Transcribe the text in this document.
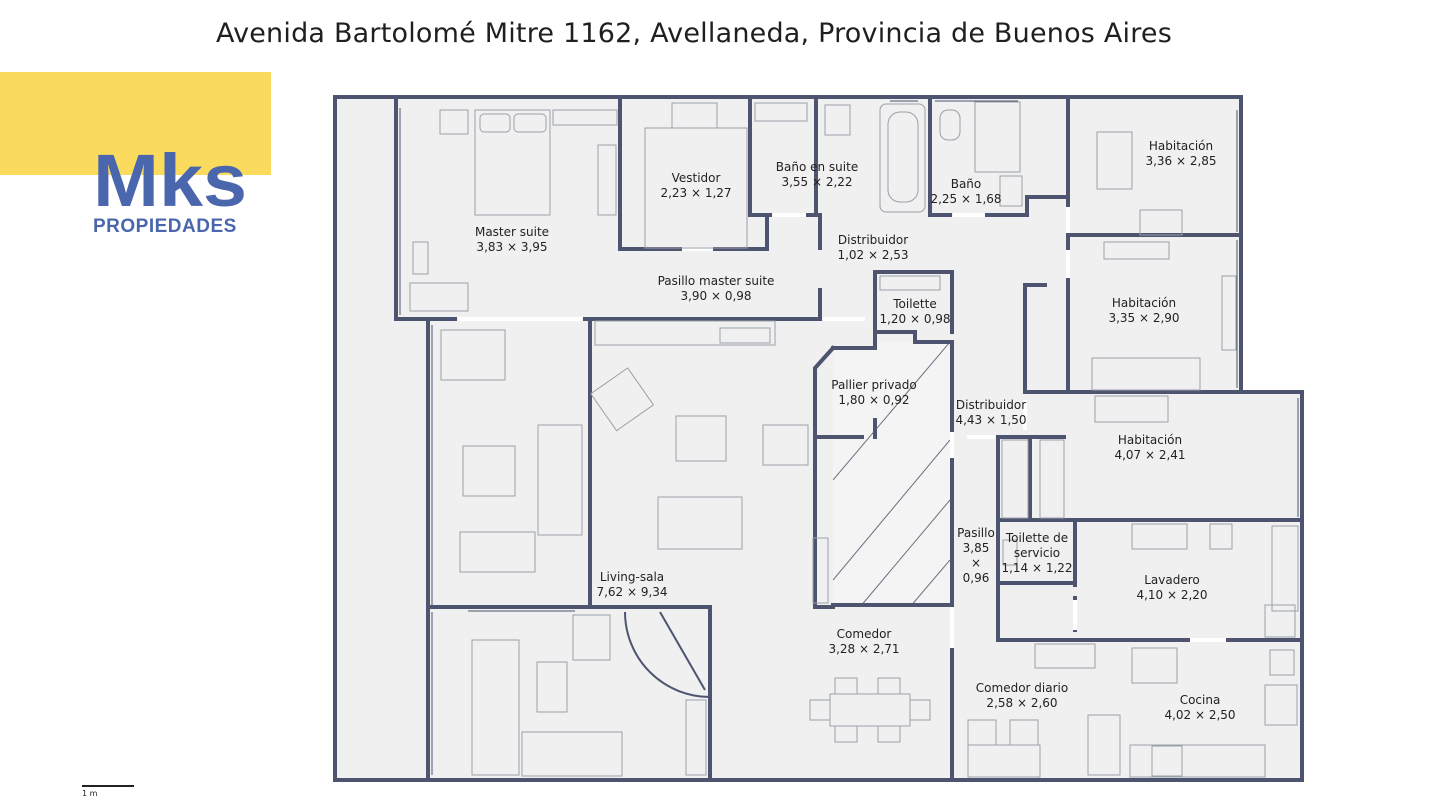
Avenida Bartolomé Mitre 1162, Avellaneda, Provincia de Buenos Aires
Mks
PROPIEDADES	Master suite
3,83 × 3,95
Vestidor
2,23 × 1,27
Baño en suite
3,55 × 2,22	Baño
2,25 × 1,68
Habitación
3,36 × 2,85
Distribuidor
1,02 × 2,53
Pasillo master suite
3,90 × 0,98
Toilette
1,20 × 0,98
Habitación
3,35 × 2,90
Pallier privado
1,80 × 0,92	Distribuidor
4,43 × 1,50
Habitación
4,07 × 2,41
Pasillo
3,85
×
0,96
Toilette de
servicio
1,14 × 1,22
Lavadero
4,10 × 2,20
Living-sala
7,62 × 9,34
Comedor
3,28 × 2,71
Comedor diario
2,58 × 2,60	Cocina
4,02 × 2,50
1 m
